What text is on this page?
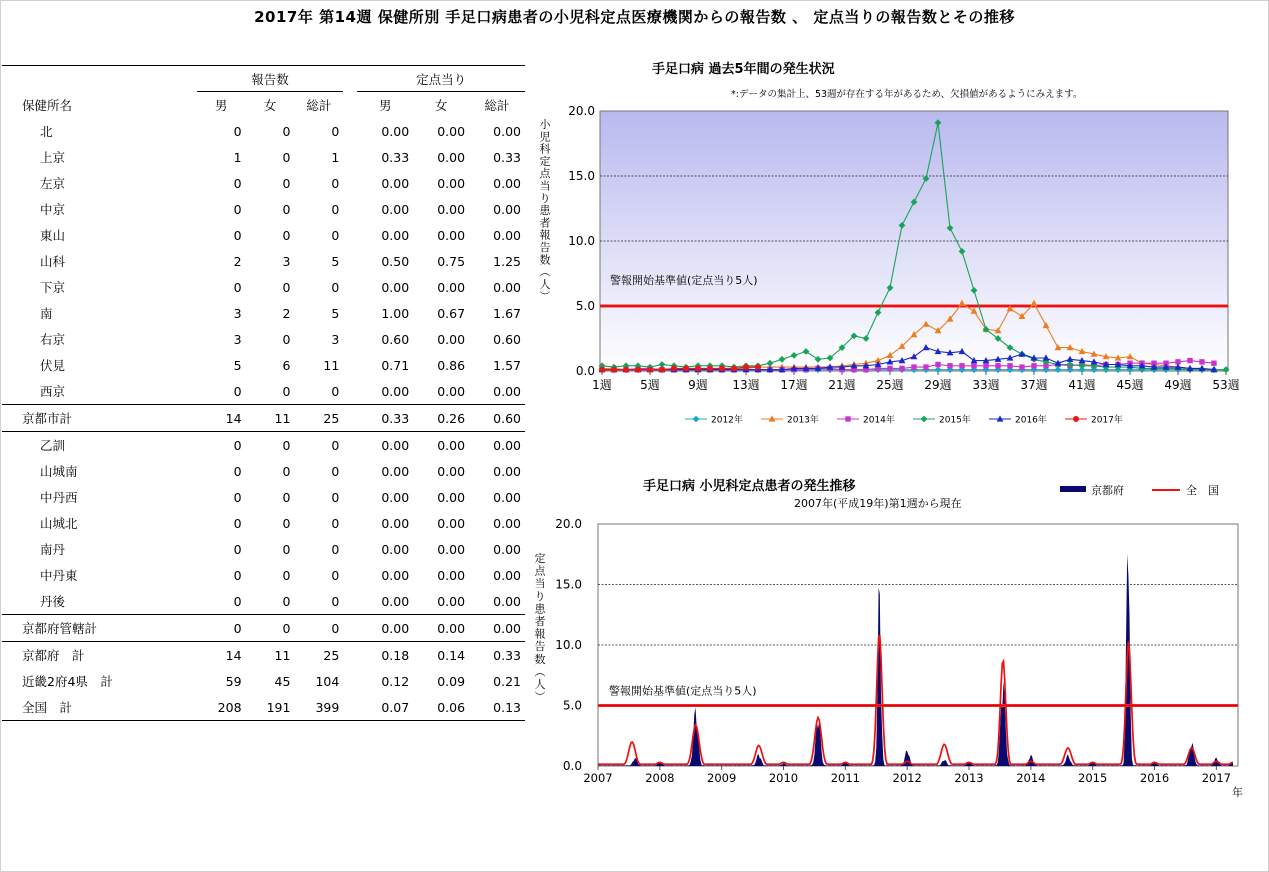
2017年 第14週 保健所別 手足口病患者の小児科定点医療機関からの報告数 、 定点当りの報告数とその推移
	報告数				定点当り		
保健所名	男	女	総計		男	女	総計
北	0	0	0		0.00	0.00	0.00
上京	1	0	1		0.33	0.00	0.33
左京	0	0	0		0.00	0.00	0.00
中京	0	0	0		0.00	0.00	0.00
東山	0	0	0		0.00	0.00	0.00
山科	2	3	5		0.50	0.75	1.25
下京	0	0	0		0.00	0.00	0.00
南	3	2	5		1.00	0.67	1.67
右京	3	0	3		0.60	0.00	0.60
伏見	5	6	11		0.71	0.86	1.57
西京	0	0	0		0.00	0.00	0.00
京都市計	14	11	25		0.33	0.26	0.60
乙訓	0	0	0		0.00	0.00	0.00
山城南	0	0	0		0.00	0.00	0.00
中丹西	0	0	0		0.00	0.00	0.00
山城北	0	0	0		0.00	0.00	0.00
南丹	0	0	0		0.00	0.00	0.00
中丹東	0	0	0		0.00	0.00	0.00
丹後	0	0	0		0.00	0.00	0.00
京都府管轄計	0	0	0		0.00	0.00	0.00
京都府　計	14	11	25		0.18	0.14	0.33
近畿2府4県　計	59	45	104		0.12	0.09	0.21
全国　計	208	191	399		0.07	0.06	0.13
手足口病 過去5年間の発生状況
*:データの集計上、53週が存在する年があるため、欠損値があるようにみえます。
0.0
5.0
10.0
15.0
20.0
1週 5週 9週 13週 17週 21週 25週 29週 33週 37週 41週 45週 49週 53週
小児科定点当り患者報告数︵人︶
警報開始基準値(定点当り5人)
2012年	2013年	2014年	2015年	2016年	2017年
手足口病 小児科定点患者の発生推移
2007年(平成19年)第1週から現在
京都府	全　国
0.0
5.0
10.0
15.0
20.0
2007	2008	2009	2010	2011	2012	2013	2014	2015	2016	2017
年
定点当り患者報告数︵人︶	警報開始基準値(定点当り5人)
